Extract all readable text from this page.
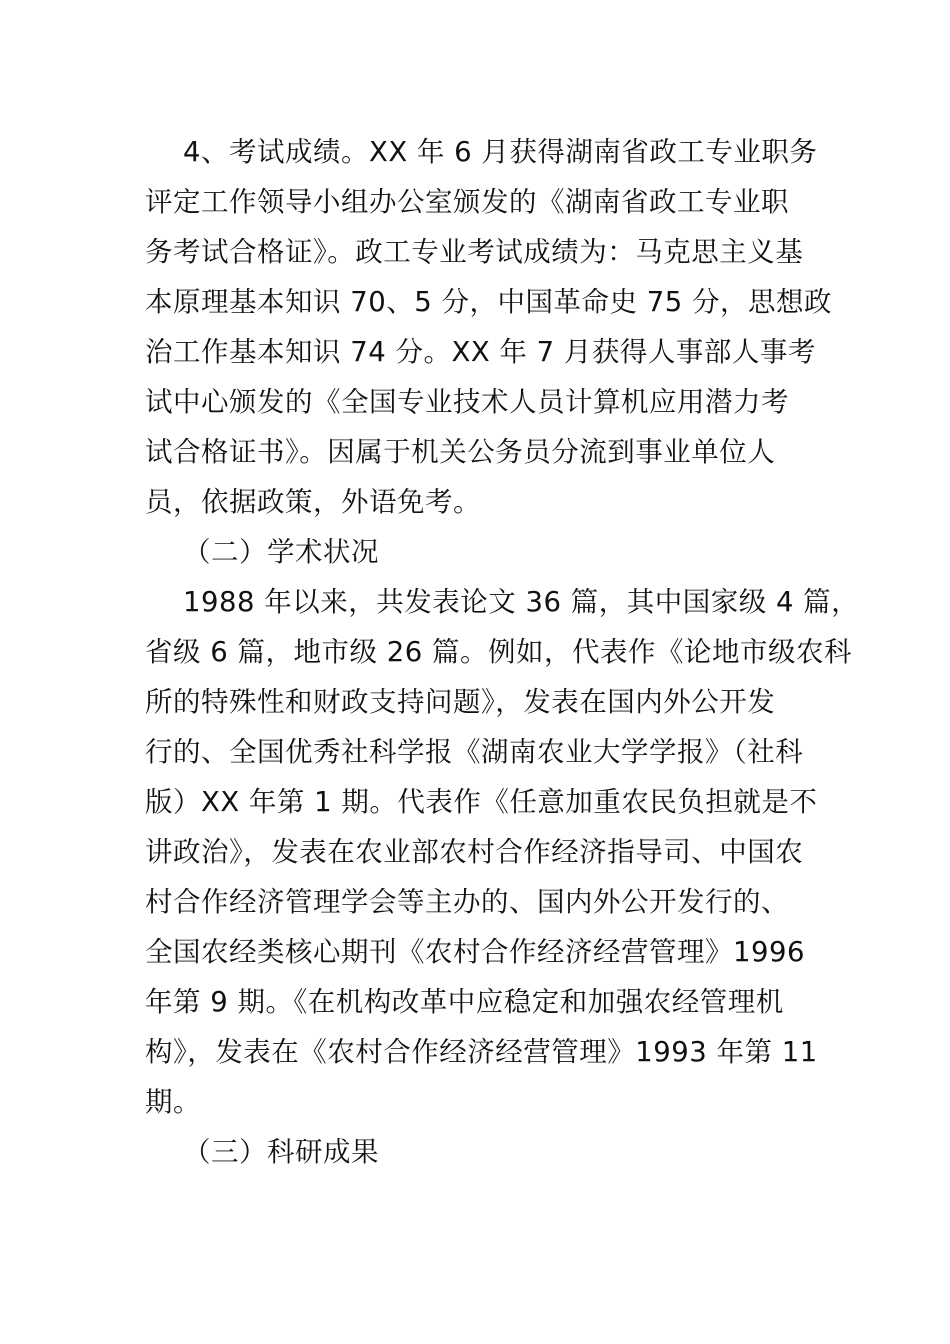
4、考试成绩。XX 年 6 月获得湖南省政工专业职务
评定工作领导小组办公室颁发的《湖南省政工专业职
务考试合格证》。政工专业考试成绩为：马克思主义基
本原理基本知识 70、5 分，中国革命史 75 分，思想政
治工作基本知识 74 分。XX 年 7 月获得人事部人事考
试中心颁发的《全国专业技术人员计算机应用潜力考
试合格证书》。因属于机关公务员分流到事业单位人
员，依据政策，外语免考。
（二）学术状况
1988 年以来，共发表论文 36 篇，其中国家级 4 篇，
省级 6 篇，地市级 26 篇。例如，代表作《论地市级农科
所的特殊性和财政支持问题》，发表在国内外公开发
行的、全国优秀社科学报《湖南农业大学学报》（社科
版）XX 年第 1 期。代表作《任意加重农民负担就是不
讲政治》，发表在农业部农村合作经济指导司、中国农
村合作经济管理学会等主办的、国内外公开发行的、
全国农经类核心期刊《农村合作经济经营管理》1996
年第 9 期。《在机构改革中应稳定和加强农经管理机
构》，发表在《农村合作经济经营管理》1993 年第 11
期。
（三）科研成果
